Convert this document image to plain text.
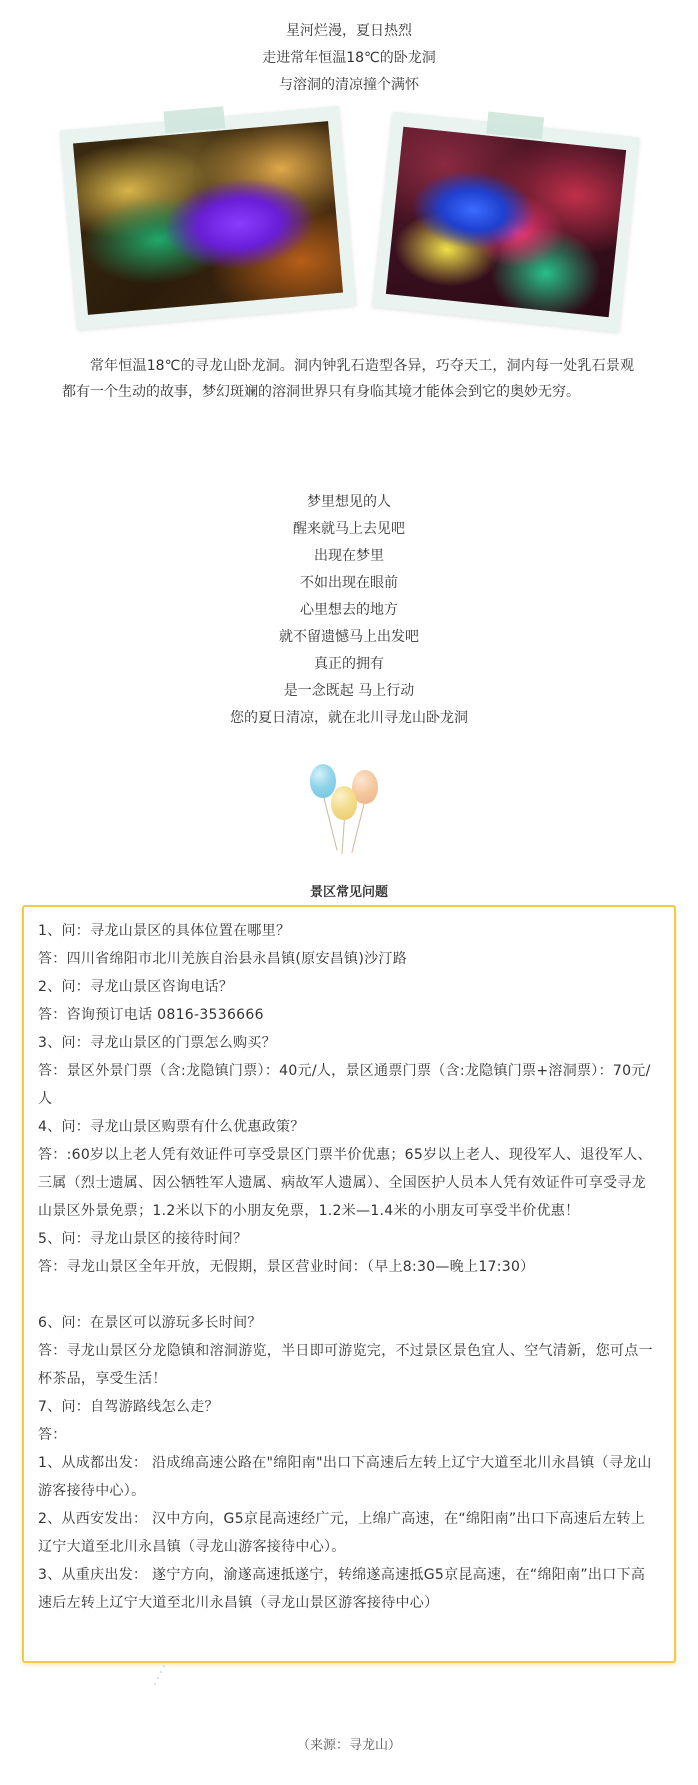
星河烂漫，夏日热烈
走进常年恒温18℃的卧龙洞
与溶洞的清凉撞个满怀
常年恒温18℃的寻龙山卧龙洞。洞内钟乳石造型各异，巧夺天工，洞内每一处乳石景观都有一个生动的故事，梦幻斑斓的溶洞世界只有身临其境才能体会到它的奥妙无穷。
梦里想见的人
醒来就马上去见吧
出现在梦里
不如出现在眼前
心里想去的地方
就不留遗憾马上出发吧
真正的拥有
是一念既起 马上行动
您的夏日清凉，就在北川寻龙山卧龙洞
景区常见问题

1、问：寻龙山景区的具体位置在哪里？

答：四川省绵阳市北川羌族自治县永昌镇(原安昌镇)沙汀路

2、问：寻龙山景区咨询电话？

答：咨询预订电话 0816-3536666

3、问：寻龙山景区的门票怎么购买？

答：景区外景门票（含:龙隐镇门票）：40元/人，景区通票门票（含:龙隐镇门票+溶洞票）：70元/人

4、问：寻龙山景区购票有什么优惠政策？

答：:60岁以上老人凭有效证件可享受景区门票半价优惠；65岁以上老人、现役军人、退役军人、三属（烈士遗属、因公牺牲军人遗属、病故军人遗属）、全国医护人员本人凭有效证件可享受寻龙山景区外景免票；1.2米以下的小朋友免票，1.2米—1.4米的小朋友可享受半价优惠！

5、问：寻龙山景区的接待时间？

答：寻龙山景区全年开放，无假期，景区营业时间：（早上8:30—晚上17:30）

6、问：在景区可以游玩多长时间？

答：寻龙山景区分龙隐镇和溶洞游览，半日即可游览完，不过景区景色宜人、空气清新，您可点一杯茶品，享受生活！

7、问：自驾游路线怎么走？

答：

1、从成都出发： 沿成绵高速公路在"绵阳南"出口下高速后左转上辽宁大道至北川永昌镇（寻龙山游客接待中心）。

2、从西安发出： 汉中方向，G5京昆高速经广元，上绵广高速，在“绵阳南”出口下高速后左转上辽宁大道至北川永昌镇（寻龙山游客接待中心）。

3、从重庆出发： 遂宁方向，渝遂高速抵遂宁，转绵遂高速抵G5京昆高速，在“绵阳南”出口下高速后左转上辽宁大道至北川永昌镇（寻龙山景区游客接待中心）

（来源：寻龙山）
